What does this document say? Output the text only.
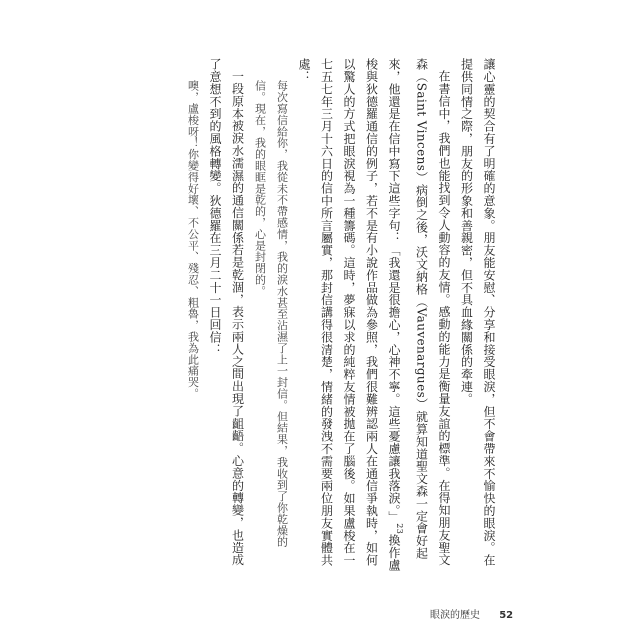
讓心靈的契合有了明確的意象。朋友能安慰、分享和接受眼淚，但不會帶來不愉快的眼淚。在提供同情之際，朋友的形象和善親密，但不具血緣關係的牽連。

在書信中，我們也能找到令人動容的友情。感動的能力是衡量友誼的標準。在得知朋友聖文森（Saint Vincens）病倒之後，沃文納格（Vauvenargues）就算知道聖文森一定會好起來，他還是在信中寫下這些字句：「我還是很擔心，心神不寧。這些憂慮讓我落淚。」$^{23}$換作盧梭與狄德羅通信的例子，若不是有小說作品做為參照，我們很難辨認兩人在通信爭執時，如何以驚人的方式把眼淚視為一種籌碼。這時，夢寐以求的純粹友情被拋在了腦後。如果盧梭在一七五七年三月十六日的信中所言屬實，那封信講得很清楚，情緒的發洩不需要兩位朋友實體共處：

每次寫信給你，我從未不帶感情，我的淚水甚至沾濕了上一封信。但結果，我收到了你乾燥的信。現在，我的眼眶是乾的，心是封閉的。

一段原本被淚水濡濕的通信關係若是乾涸，表示兩人之間出現了齟齬。心意的轉變，也造成了意想不到的風格轉變。狄德羅在三月二十一日回信：

噢，盧梭呀！你變得好壞、不公平、殘忍、粗魯，我為此痛哭。

眼淚的歷史 52
